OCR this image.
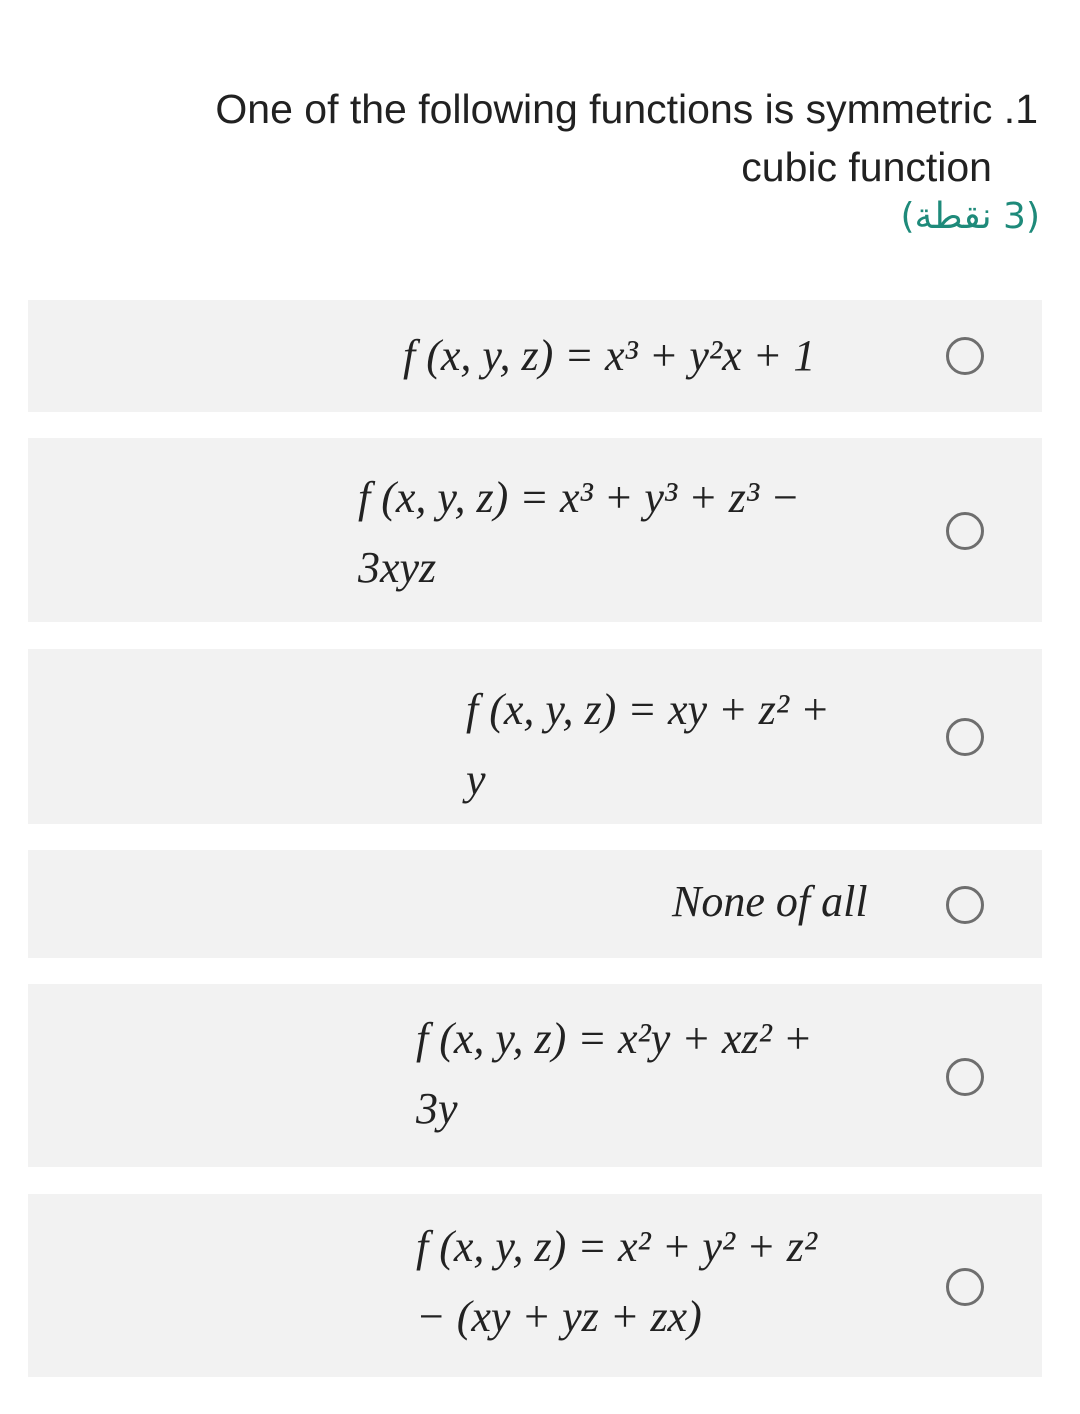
One of the following functions is symmetric .1
cubic function
(3 نقطة)
f (x, y, z) = x³ + y²x + 1
f (x, y, z) = x³ + y³ + z³ −
3xyz
f (x, y, z) = xy + z² +
y
None of all
f (x, y, z) = x²y + xz² +
3y
f (x, y, z) = x² + y² + z²
− (xy + yz + zx)
